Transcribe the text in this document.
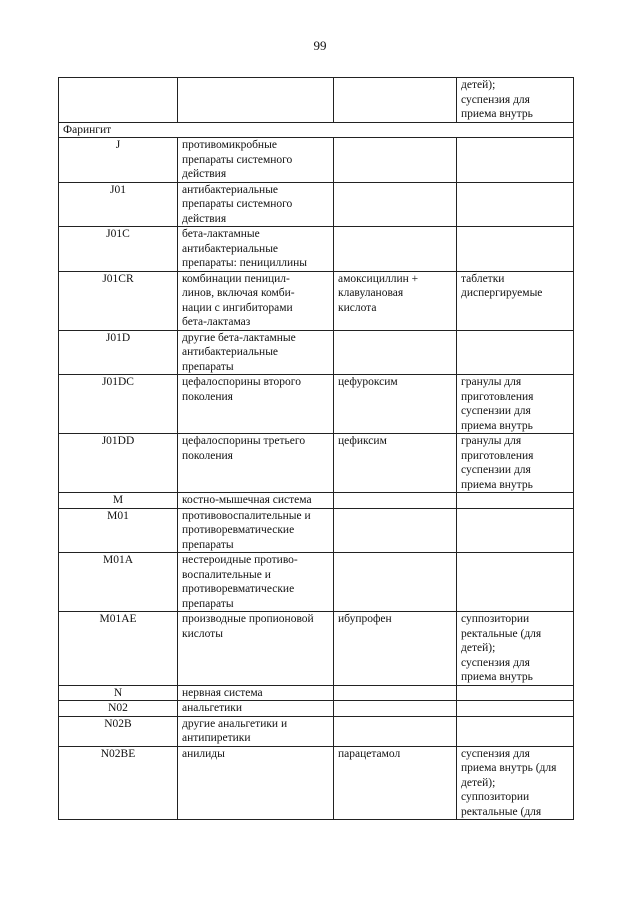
99
			детей);
суспензия для
приема внутрь
Фарингит			
J	противомикробные
препараты системного
действия		
J01	антибактериальные
препараты системного
действия		
J01C	бета-лактамные
антибактериальные
препараты: пенициллины		
J01CR	комбинации пеницил-
линов, включая комби-
нации с ингибиторами
бета-лактамаз	амоксициллин +
клавулановая
кислота	таблетки
диспергируемые
J01D	другие бета-лактамные
антибактериальные
препараты		
J01DC	цефалоспорины второго
поколения	цефуроксим	гранулы для
приготовления
суспензии для
приема внутрь
J01DD	цефалоспорины третьего
поколения	цефиксим	гранулы для
приготовления
суспензии для
приема внутрь
M	костно-мышечная система		
M01	противовоспалительные и
противоревматические
препараты		
M01A	нестероидные противо-
воспалительные и
противоревматические
препараты		
M01AE	производные пропионовой
кислоты	ибупрофен	суппозитории
ректальные (для
детей);
суспензия для
приема внутрь
N	нервная система		
N02	анальгетики		
N02B	другие анальгетики и
антипиретики		
N02BE	анилиды	парацетамол	суспензия для
приема внутрь (для
детей);
суппозитории
ректальные (для
